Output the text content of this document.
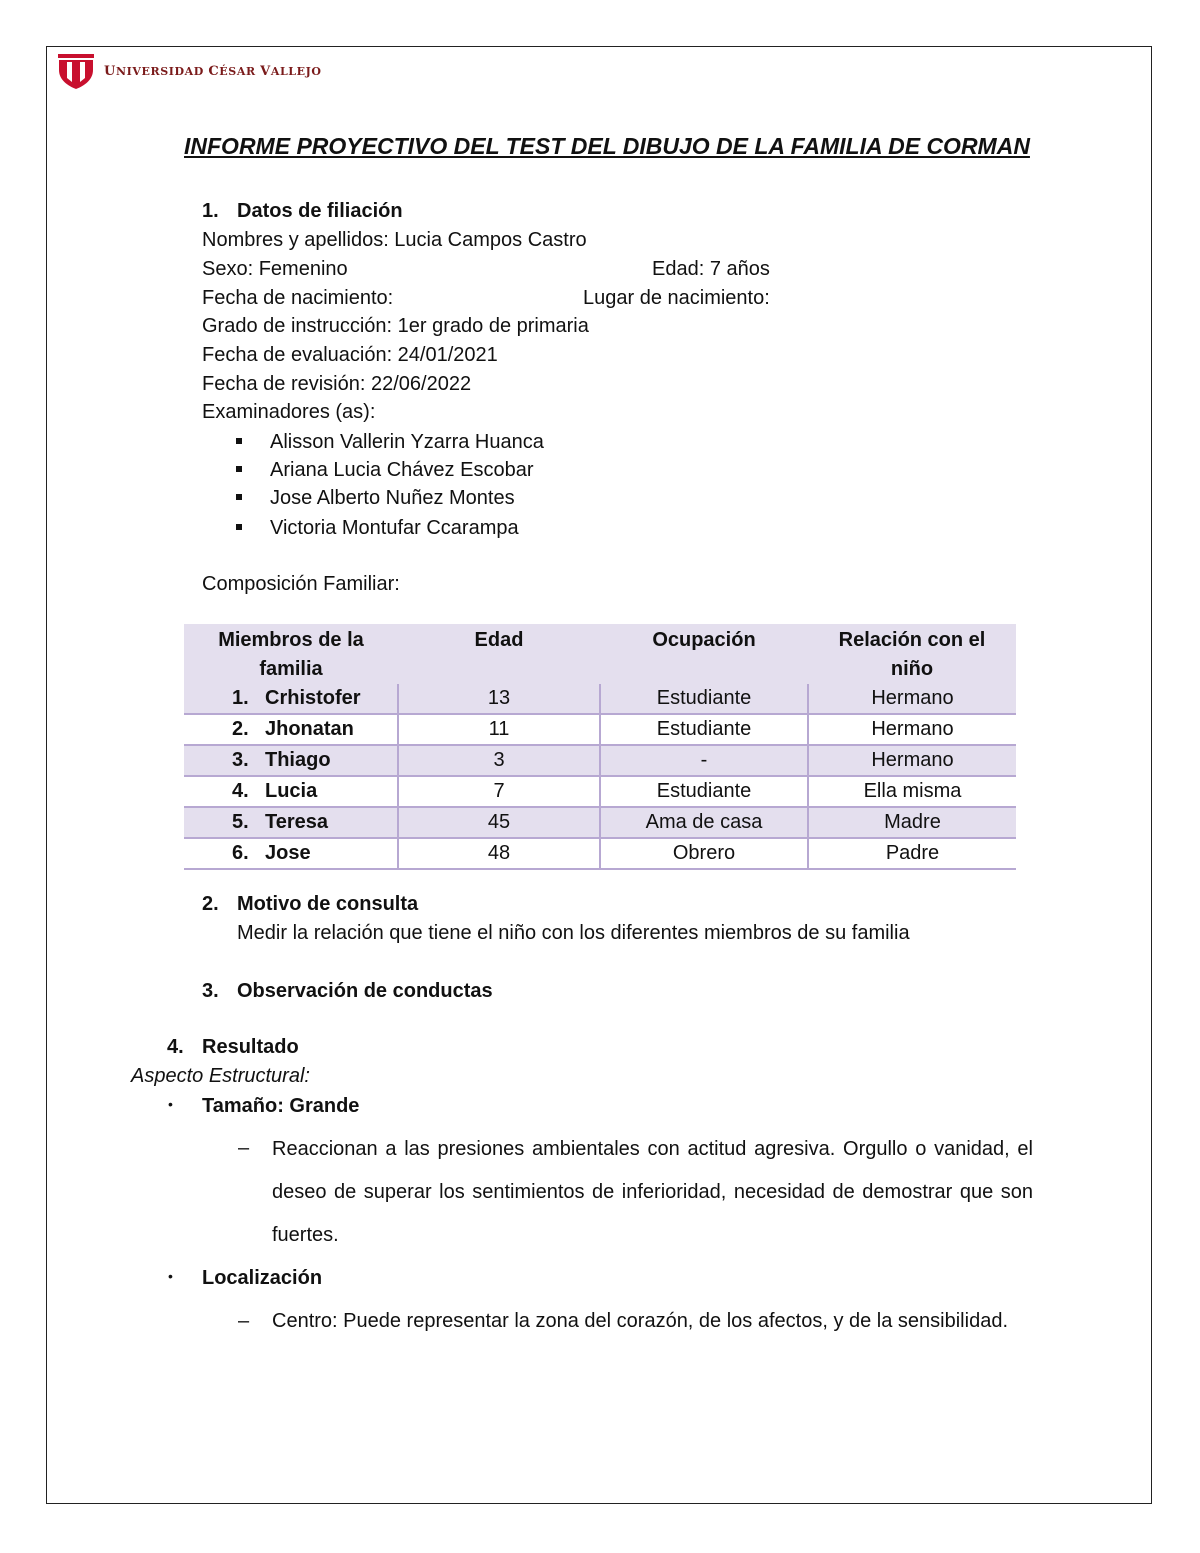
UNIVERSIDAD CÉSAR VALLEJO
INFORME PROYECTIVO DEL TEST DEL DIBUJO DE LA FAMILIA DE CORMAN
1. Datos de filiación
Nombres y apellidos: Lucia Campos Castro
Sexo: Femenino	Edad: 7 años
Fecha de nacimiento:	Lugar de nacimiento:
Grado de instrucción: 1er grado de primaria
Fecha de evaluación: 24/01/2021
Fecha de revisión: 22/06/2022
Examinadores (as):
Alisson Vallerin Yzarra Huanca
Ariana Lucia Chávez Escobar
Jose Alberto Nuñez Montes
Victoria Montufar Ccarampa
Composición Familiar:
Miembros de la
familia	Edad	Ocupación	Relación con el
niño
1. Crhistofer	13	Estudiante	Hermano
2. Jhonatan	11	Estudiante	Hermano
3. Thiago	3	-	Hermano
4. Lucia	7	Estudiante	Ella misma
5. Teresa	45	Ama de casa	Madre
6. Jose	48	Obrero	Padre
2. Motivo de consulta
Medir la relación que tiene el niño con los diferentes miembros de su familia
3. Observación de conductas
4. Resultado
Aspecto Estructural:
• Tamaño: Grande
– Reaccionan a las presiones ambientales con actitud agresiva. Orgullo o vanidad, el deseo de superar los sentimientos de inferioridad, necesidad de demostrar que son fuertes.
• Localización
– Centro: Puede representar la zona del corazón, de los afectos, y de la sensibilidad.
